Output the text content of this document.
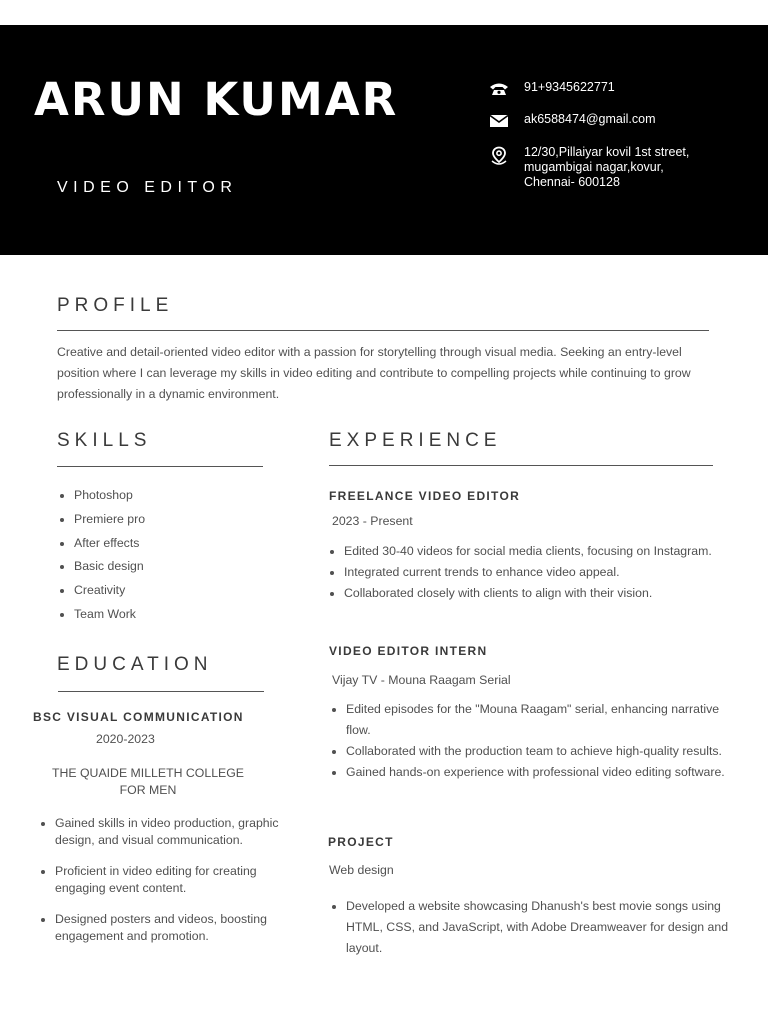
ARUN KUMAR
VIDEO EDITOR
91+9345622771
ak6588474@gmail.com
12/30,Pillaiyar kovil 1st street,
mugambigai nagar,kovur,
Chennai- 600128
PROFILE

Creative and detail-oriented video editor with a passion for storytelling through visual media. Seeking an entry-level position where I can leverage my skills in video editing and contribute to compelling projects while continuing to grow professionally in a dynamic environment.

SKILLS
• Photoshop
• Premiere pro
• After effects
• Basic design
• Creativity
• Team Work
EDUCATION
BSC VISUAL COMMUNICATION
2020-2023
THE QUAIDE MILLETH COLLEGE
FOR MEN
• Gained skills in video production, graphic design, and visual communication.
• Proficient in video editing for creating engaging event content.
• Designed posters and videos, boosting engagement and promotion.
EXPERIENCE
FREELANCE VIDEO EDITOR
2023 - Present
• Edited 30-40 videos for social media clients, focusing on Instagram.
• Integrated current trends to enhance video appeal.
• Collaborated closely with clients to align with their vision.
VIDEO EDITOR INTERN
Vijay TV - Mouna Raagam Serial
• Edited episodes for the "Mouna Raagam" serial, enhancing narrative flow.
• Collaborated with the production team to achieve high-quality results.
• Gained hands-on experience with professional video editing software.
PROJECT
Web design
• Developed a website showcasing Dhanush's best movie songs using HTML, CSS, and JavaScript, with Adobe Dreamweaver for design and layout.
